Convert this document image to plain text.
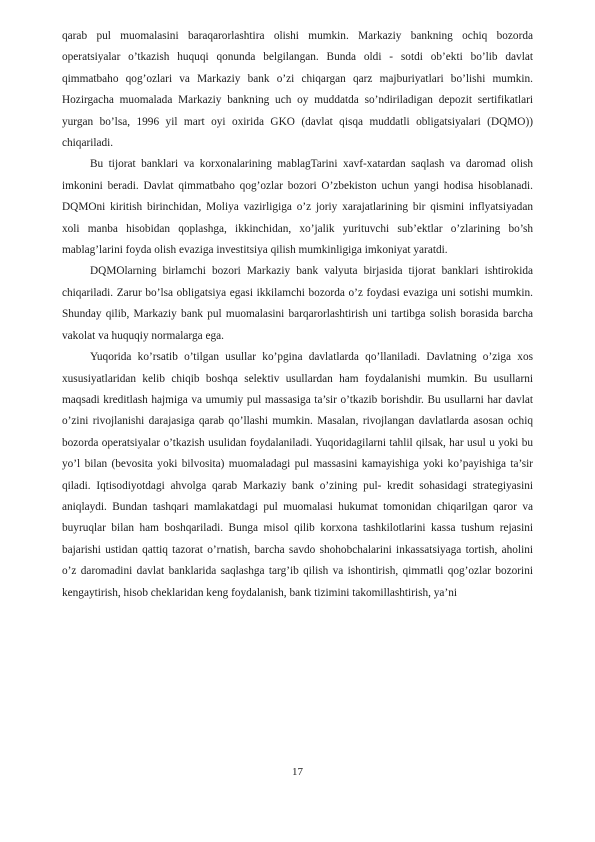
qarab pul muomalasini baraqarorlashtira olishi mumkin. Markaziy bankning ochiq bozorda operatsiyalar o’tkazish huquqi qonunda belgilangan. Bunda oldi - sotdi ob’ekti bo’lib davlat qimmatbaho qog’ozlari va Markaziy bank o’zi chiqargan qarz majburiyatlari bo’lishi mumkin. Hozirgacha muomalada Markaziy bankning uch oy muddatda so’ndiriladigan depozit sertifikatlari yurgan bo’lsa, 1996 yil mart oyi oxirida GKO (davlat qisqa muddatli obligatsiyalari (DQMO)) chiqariladi.

Bu tijorat banklari va korxonalarining mablagTarini xavf-xatardan saqlash va daromad olish imkonini beradi. Davlat qimmatbaho qog’ozlar bozori O’zbekiston uchun yangi hodisa hisoblanadi. DQMOni kiritish birinchidan, Moliya vazirligiga o’z joriy xarajatlarining bir qismini inflyatsiyadan xoli manba hisobidan qoplashga, ikkinchidan, xo’jalik yurituvchi sub’ektlar o’zlarining bo’sh mablag’larini foyda olish evaziga investitsiya qilish mumkinligiga imkoniyat yaratdi.

DQMOlarning birlamchi bozori Markaziy bank valyuta birjasida tijorat banklari ishtirokida chiqariladi. Zarur bo’lsa obligatsiya egasi ikkilamchi bozorda o’z foydasi evaziga uni sotishi mumkin. Shunday qilib, Markaziy bank pul muomalasini barqarorlashtirish uni tartibga solish borasida barcha vakolat va huquqiy normalarga ega.

Yuqorida ko’rsatib o’tilgan usullar ko’pgina davlatlarda qo’llaniladi. Davlatning o’ziga xos xususiyatlaridan kelib chiqib boshqa selektiv usullardan ham foydalanishi mumkin. Bu usullarni maqsadi kreditlash hajmiga va umumiy pul massasiga ta’sir o’tkazib borishdir. Bu usullarni har davlat o’zini rivojlanishi darajasiga qarab qo’llashi mumkin. Masalan, rivojlangan davlatlarda asosan ochiq bozorda operatsiyalar o’tkazish usulidan foydalaniladi. Yuqoridagilarni tahlil qilsak, har usul u yoki bu yo’l bilan (bevosita yoki bilvosita) muomaladagi pul massasini kamayishiga yoki ko’payishiga ta’sir qiladi. Iqtisodiyotdagi ahvolga qarab Markaziy bank o’zining pul- kredit sohasidagi strategiyasini aniqlaydi. Bundan tashqari mamlakatdagi pul muomalasi hukumat tomonidan chiqarilgan qaror va buyruqlar bilan ham boshqariladi. Bunga misol qilib korxona tashkilotlarini kassa tushum rejasini bajarishi ustidan qattiq tazorat o’rnatish, barcha savdo shohobchalarini inkassatsiyaga tortish, aholini o’z daromadini davlat banklarida saqlashga targ’ib qilish va ishontirish, qimmatli qog’ozlar bozorini kengaytirish, hisob cheklaridan keng foydalanish, bank tizimini takomillashtirish, ya’ni

17
